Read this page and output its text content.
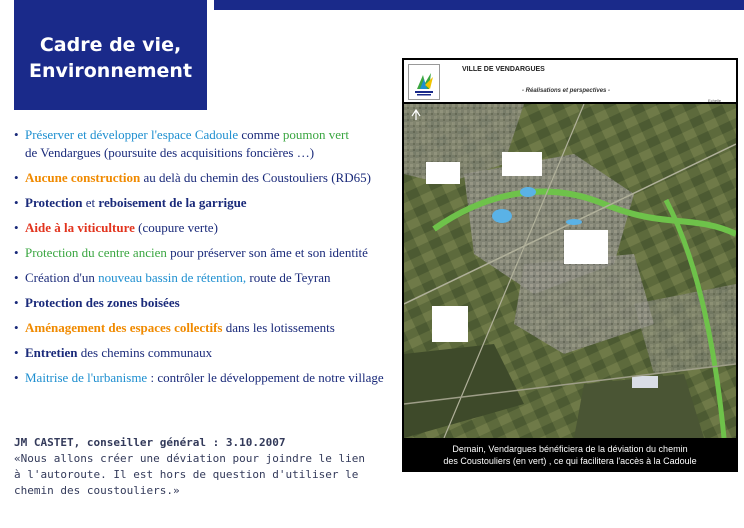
Cadre de vie,
Environnement
• Préserver et développer l'espace Cadoule comme poumon vert
de Vendargues (poursuite des acquisitions foncières …)
• Aucune construction au delà du chemin des Coustouliers (RD65)
• Protection et reboisement de la garrigue
• Aide à la viticulture (coupure verte)
• Protection du centre ancien pour préserver son âme et son identité
• Création d'un nouveau bassin de rétention, route de Teyran
• Protection des zones boisées
• Aménagement des espaces collectifs dans les lotissements
• Entretien des chemins communaux
• Maitrise de l'urbanisme : contrôler le développement de notre village
JM CASTET, conseiller général : 3.10.2007
«Nous allons créer une déviation pour joindre le lien
à l'autoroute. Il est hors de question d'utiliser le
chemin des coustouliers.»
VILLE DE VENDARGUES
- Réalisations et perspectives -
Echelle
Demain, Vendargues bénéficiera de la déviation du chemin
des Coustouliers (en vert) , ce qui facilitera l'accès à la Cadoule
